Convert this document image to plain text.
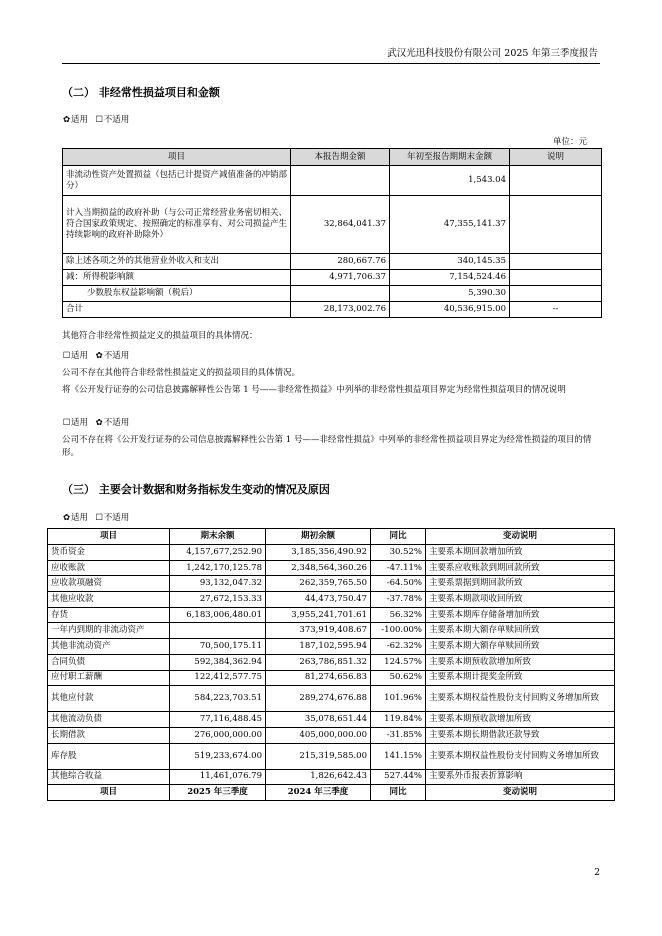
武汉光迅科技股份有限公司 2025 年第三季度报告
（二） 非经常性损益项目和金额
✿适用 ☐不适用
单位：元
项目	本报告期金额	年初至报告期期末金额	说明
非流动性资产处置损益（包括已计提资产减值准备的冲销部分）		1,543.04	
计入当期损益的政府补助（与公司正常经营业务密切相关、符合国家政策规定、按照确定的标准享有、对公司损益产生持续影响的政府补助除外）	32,864,041.37	47,355,141.37	
除上述各项之外的其他营业外收入和支出	280,667.76	340,145.35	
减：所得税影响额	4,971,706.37	7,154,524.46	
少数股东权益影响额（税后）		5,390.30	
合计	28,173,002.76	40,536,915.00	--
其他符合非经常性损益定义的损益项目的具体情况：
☐适用 ✿不适用
公司不存在其他符合非经常性损益定义的损益项目的具体情况。
将《公开发行证券的公司信息披露解释性公告第 1 号——非经常性损益》中列举的非经常性损益项目界定为经常性损益项目的情况说明
☐适用 ✿不适用
公司不存在将《公开发行证券的公司信息披露解释性公告第 1 号——非经常性损益》中列举的非经常性损益项目界定为经常性损益的项目的情形。
（三） 主要会计数据和财务指标发生变动的情况及原因
✿适用 ☐不适用
项目	期末余额	期初余额	同比	变动说明
货币资金	4,157,677,252.90	3,185,356,490.92	30.52%	主要系本期回款增加所致
应收账款	1,242,170,125.78	2,348,564,360.26	-47.11%	主要系应收账款到期回款所致
应收款项融资	93,132,047.32	262,359,765.50	-64.50%	主要系票据到期回款所致
其他应收款	27,672,153.33	44,473,750.47	-37.78%	主要系本期款项收回所致
存货	6,183,006,480.01	3,955,241,701.61	56.32%	主要系本期库存储备增加所致
一年内到期的非流动资产		373,919,408.67	-100.00%	主要系本期大额存单赎回所致
其他非流动资产	70,500,175.11	187,102,595.94	-62.32%	主要系本期大额存单赎回所致
合同负债	592,384,362.94	263,786,851.32	124.57%	主要系本期预收款增加所致
应付职工薪酬	122,412,577.75	81,274,656.83	50.62%	主要系本期计提奖金所致
其他应付款	584,223,703.51	289,274,676.88	101.96%	主要系本期权益性股份支付回购义务增加所致
其他流动负债	77,116,488.45	35,078,651.44	119.84%	主要系本期预收款增加所致
长期借款	276,000,000.00	405,000,000.00	-31.85%	主要系本期长期借款还款导致
库存股	519,233,674.00	215,319,585.00	141.15%	主要系本期权益性股份支付回购义务增加所致
其他综合收益	11,461,076.79	1,826,642.43	527.44%	主要系外币报表折算影响
项目	2025 年三季度	2024 年三季度	同比	变动说明
2
